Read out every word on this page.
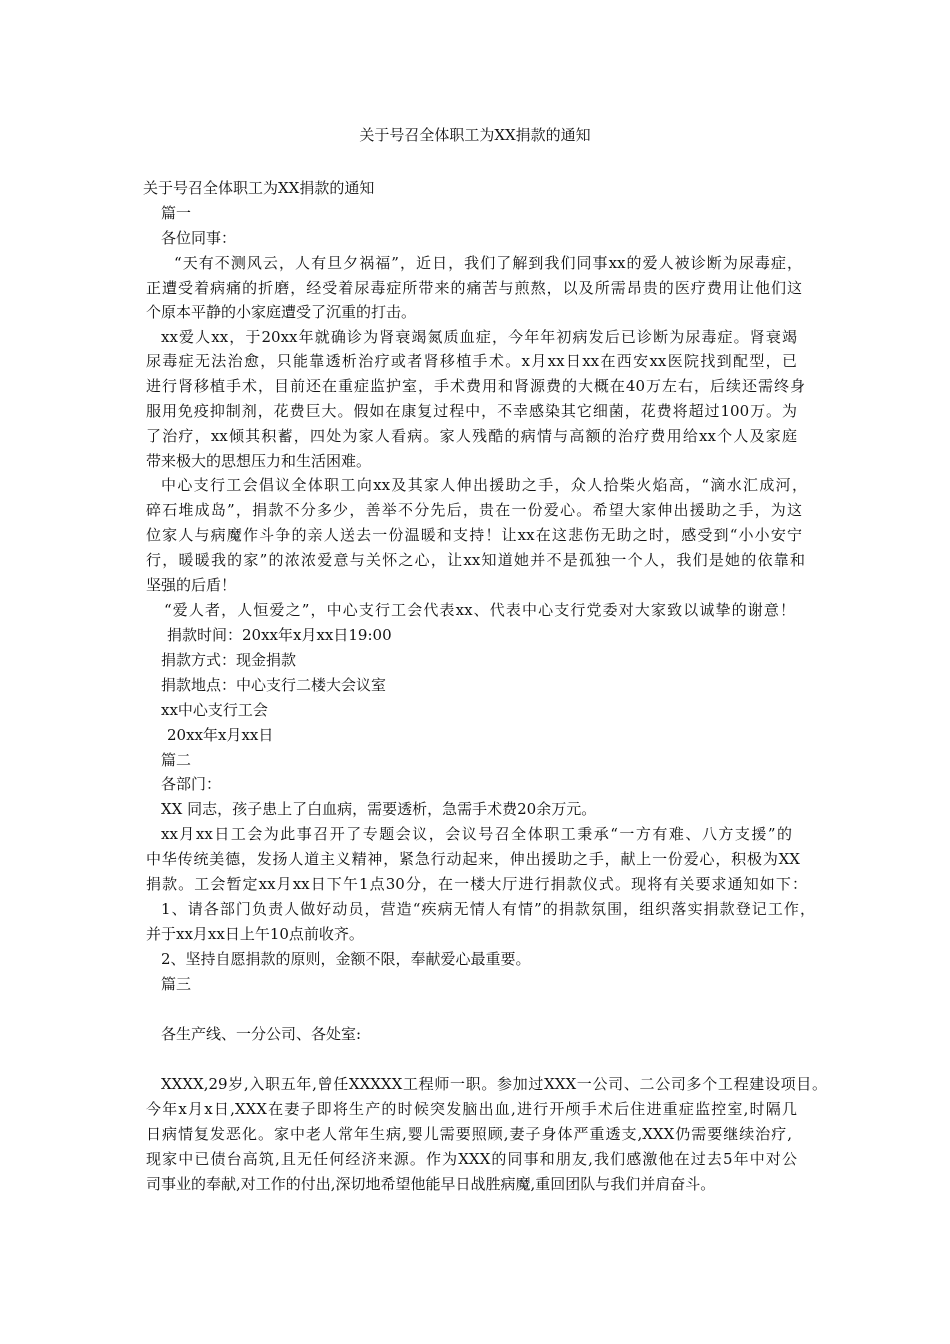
关于号召全体职工为XX捐款的通知
关于号召全体职工为XX捐款的通知
篇一
各位同事：
“天有不测风云，人有旦夕祸福”，近日，我们了解到我们同事xx的爱人被诊断为尿毒症，
正遭受着病痛的折磨，经受着尿毒症所带来的痛苦与煎熬，以及所需昂贵的医疗费用让他们这
个原本平静的小家庭遭受了沉重的打击。
xx爱人xx，于20xx年就确诊为肾衰竭氮质血症，今年年初病发后已诊断为尿毒症。肾衰竭
尿毒症无法治愈，只能靠透析治疗或者肾移植手术。x月xx日xx在西安xx医院找到配型，已
进行肾移植手术，目前还在重症监护室，手术费用和肾源费的大概在40万左右，后续还需终身
服用免疫抑制剂，花费巨大。假如在康复过程中，不幸感染其它细菌，花费将超过100万。为
了治疗，xx倾其积蓄，四处为家人看病。家人残酷的病情与高额的治疗费用给xx个人及家庭
带来极大的思想压力和生活困难。
中心支行工会倡议全体职工向xx及其家人伸出援助之手，众人拾柴火焰高，“滴水汇成河，
碎石堆成岛”，捐款不分多少，善举不分先后，贵在一份爱心。希望大家伸出援助之手，为这
位家人与病魔作斗争的亲人送去一份温暖和支持！让xx在这悲伤无助之时，感受到“小小安宁
行，暖暖我的家”的浓浓爱意与关怀之心，让xx知道她并不是孤独一个人，我们是她的依靠和
坚强的后盾！
“爱人者，人恒爱之”，中心支行工会代表xx、代表中心支行党委对大家致以诚挚的谢意！
捐款时间：20xx年x月xx日19:00
捐款方式：现金捐款
捐款地点：中心支行二楼大会议室
xx中心支行工会
20xx年x月xx日
篇二
各部门：
XX 同志，孩子患上了白血病，需要透析，急需手术费20余万元。
xx月xx日工会为此事召开了专题会议，会议号召全体职工秉承“一方有难、八方支援”的
中华传统美德，发扬人道主义精神，紧急行动起来，伸出援助之手，献上一份爱心，积极为XX
捐款。工会暂定xx月xx日下午1点30分，在一楼大厅进行捐款仪式。现将有关要求通知如下：
1、请各部门负责人做好动员，营造“疾病无情人有情”的捐款氛围，组织落实捐款登记工作，
并于xx月xx日上午10点前收齐。
2、坚持自愿捐款的原则，金额不限，奉献爱心最重要。
篇三
各生产线、一分公司、各处室:
XXXX,29岁,入职五年,曾任XXXXX工程师一职。参加过XXX一公司、二公司多个工程建设项目。
今年x月x日,XXX在妻子即将生产的时候突发脑出血,进行开颅手术后住进重症监控室,时隔几
日病情复发恶化。家中老人常年生病,婴儿需要照顾,妻子身体严重透支,XXX仍需要继续治疗,
现家中已债台高筑,且无任何经济来源。作为XXX的同事和朋友,我们感激他在过去5年中对公
司事业的奉献,对工作的付出,深切地希望他能早日战胜病魔,重回团队与我们并肩奋斗。
